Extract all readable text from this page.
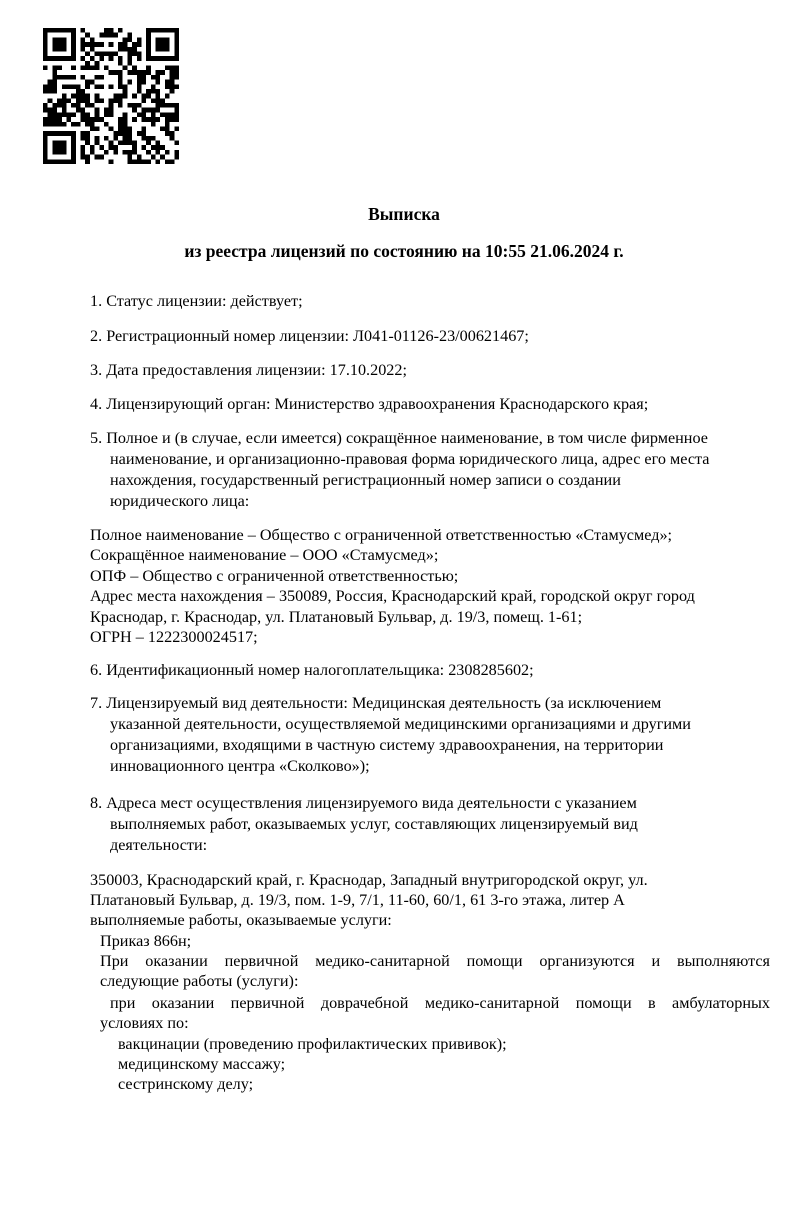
Выписка
из реестра лицензий по состоянию на 10:55 21.06.2024 г.
1. Статус лицензии: действует;
2. Регистрационный номер лицензии: Л041-01126-23/00621467;
3. Дата предоставления лицензии: 17.10.2022;
4. Лицензирующий орган: Министерство здравоохранения Краснодарского края;
5. Полное и (в случае, если имеется) сокращённое наименование, в том числе фирменное
наименование, и организационно-правовая форма юридического лица, адрес его места
нахождения, государственный регистрационный номер записи о создании
юридического лица:
Полное наименование – Общество с ограниченной ответственностью «Стамусмед»;
Сокращённое наименование – ООО «Стамусмед»;
ОПФ – Общество с ограниченной ответственностью;
Адрес места нахождения – 350089, Россия, Краснодарский край, городской округ город
Краснодар, г. Краснодар, ул. Платановый Бульвар, д. 19/3, помещ. 1-61;
ОГРН – 1222300024517;
6. Идентификационный номер налогоплательщика: 2308285602;
7. Лицензируемый вид деятельности: Медицинская деятельность (за исключением
указанной деятельности, осуществляемой медицинскими организациями и другими
организациями, входящими в частную систему здравоохранения, на территории
инновационного центра «Сколково»);
8. Адреса мест осуществления лицензируемого вида деятельности с указанием
выполняемых работ, оказываемых услуг, составляющих лицензируемый вид
деятельности:
350003, Краснодарский край, г. Краснодар, Западный внутригородской округ, ул.
Платановый Бульвар, д. 19/3, пом. 1-9, 7/1, 11-60, 60/1, 61 3-го этажа, литер А
выполняемые работы, оказываемые услуги:
Приказ 866н;
При оказании первичной медико-санитарной помощи организуются и выполняются
следующие работы (услуги):
при оказании первичной доврачебной медико-санитарной помощи в амбулаторных
условиях по:
вакцинации (проведению профилактических прививок);
медицинскому массажу;
сестринскому делу;
